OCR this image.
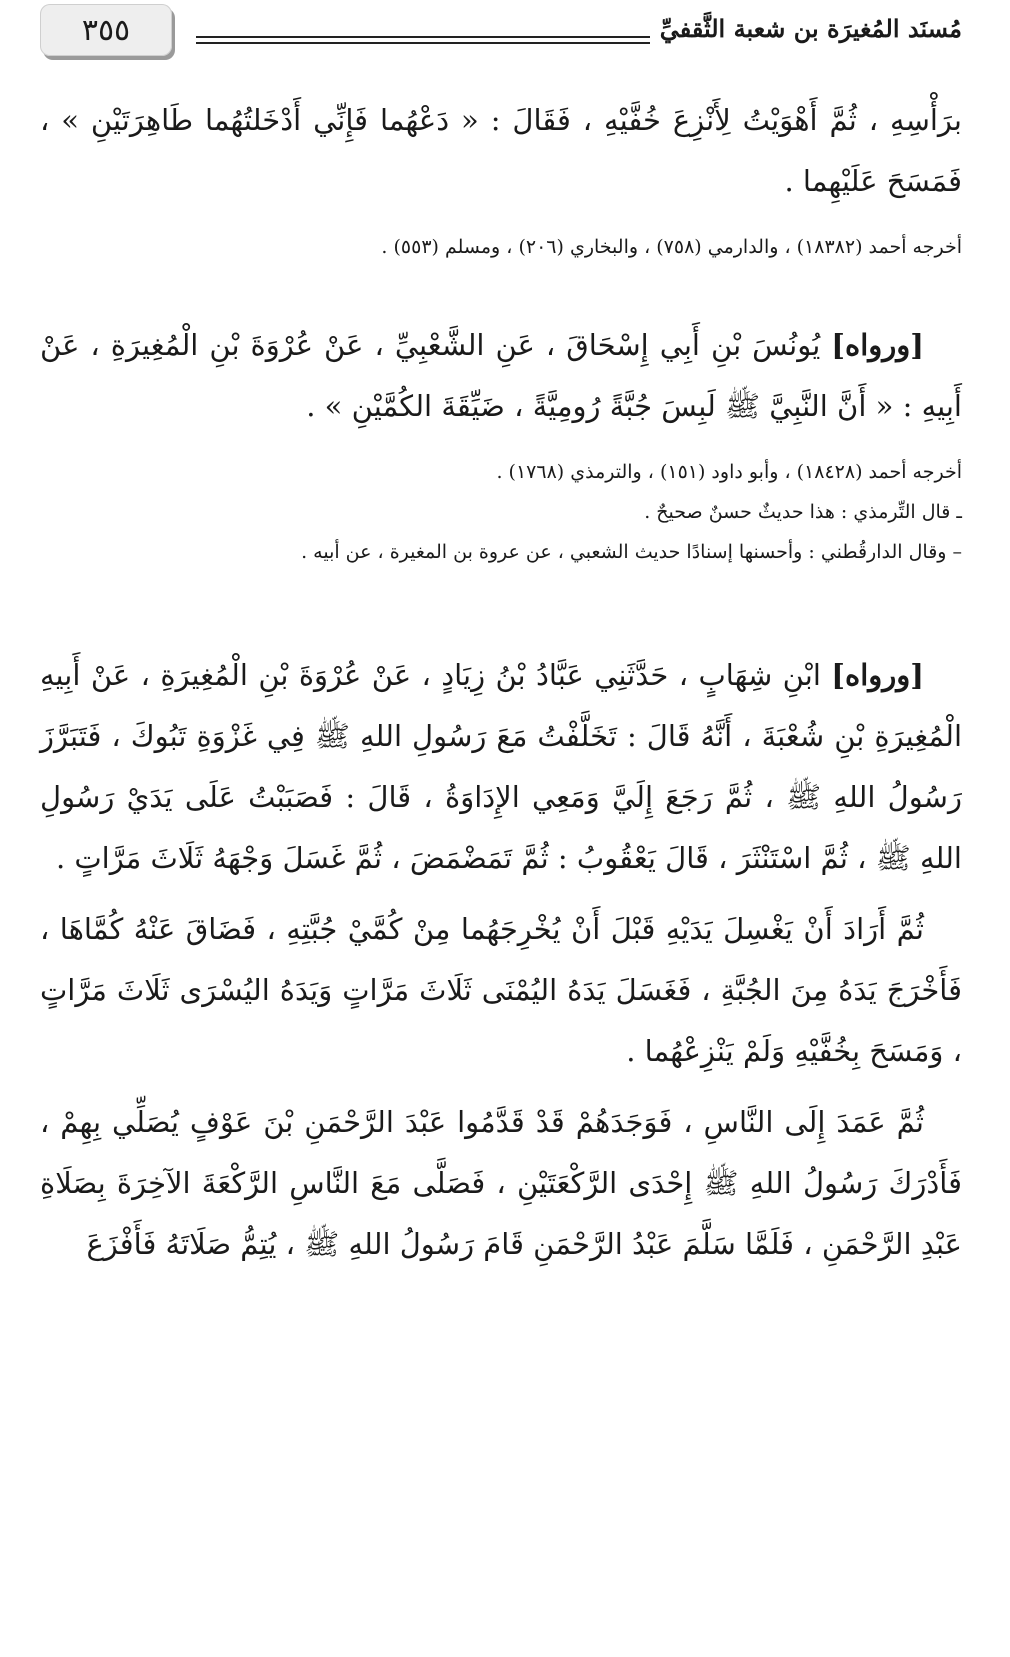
٣٥٥	مُسنَد المُغيرَة بن شعبة الثَّقفيِّ

برَأْسِهِ ، ثُمَّ أَهْوَيْتُ لِأَنْزِعَ خُفَّيْهِ ، فَقَالَ : « دَعْهُما فَإِنِّي أَدْخَلتُهُما طَاهِرَتَيْنِ » ، فَمَسَحَ عَلَيْهِما .

أخرجه أحمد (١٨٣٨٢) ، والدارمي (٧٥٨) ، والبخاري (٢٠٦) ، ومسلم (٥٥٣) .

[ورواه] يُونُسَ بْنِ أَبِي إِسْحَاقَ ، عَنِ الشَّعْبِيِّ ، عَنْ عُرْوَةَ بْنِ الْمُغِيرَةِ ، عَنْ أَبِيهِ : « أَنَّ النَّبِيَّ ﷺ لَبِسَ جُبَّةً رُومِيَّةً ، ضَيِّقَةَ الكُمَّيْنِ » .

أخرجه أحمد (١٨٤٢٨) ، وأبو داود (١٥١) ، والترمذي (١٧٦٨) .

ـ قال التِّرمذي : هذا حديثٌ حسنٌ صحيحٌ .

– وقال الدارقُطني : وأحسنها إسنادًا حديث الشعبي ، عن عروة بن المغيرة ، عن أبيه .

[ورواه] ابْنِ شِهَابٍ ، حَدَّثَنِي عَبَّادُ بْنُ زِيَادٍ ، عَنْ عُرْوَةَ بْنِ الْمُغِيرَةِ ، عَنْ أَبِيهِ الْمُغِيرَةِ بْنِ شُعْبَةَ ، أَنَّهُ قَالَ : تَخَلَّفْتُ مَعَ رَسُولِ اللهِ ﷺ فِي غَزْوَةِ تَبُوكَ ، فَتَبَرَّزَ رَسُولُ اللهِ ﷺ ، ثُمَّ رَجَعَ إِلَيَّ وَمَعِي الإِدَاوَةُ ، قَالَ : فَصَبَبْتُ عَلَى يَدَيْ رَسُولِ اللهِ ﷺ ، ثُمَّ اسْتَنْثَرَ ، قَالَ يَعْقُوبُ : ثُمَّ تَمَضْمَضَ ، ثُمَّ غَسَلَ وَجْهَهُ ثَلَاثَ مَرَّاتٍ .

ثُمَّ أَرَادَ أَنْ يَغْسِلَ يَدَيْهِ قَبْلَ أَنْ يُخْرِجَهُما مِنْ كُمَّيْ جُبَّتِهِ ، فَضَاقَ عَنْهُ كُمَّاهَا ، فَأَخْرَجَ يَدَهُ مِنَ الجُبَّةِ ، فَغَسَلَ يَدَهُ اليُمْنَى ثَلَاثَ مَرَّاتٍ وَيَدَهُ اليُسْرَى ثَلَاثَ مَرَّاتٍ ، وَمَسَحَ بِخُفَّيْهِ وَلَمْ يَنْزِعْهُما .

ثُمَّ عَمَدَ إِلَى النَّاسِ ، فَوَجَدَهُمْ قَدْ قَدَّمُوا عَبْدَ الرَّحْمَنِ بْنَ عَوْفٍ يُصَلِّي بِهِمْ ، فَأَدْرَكَ رَسُولُ اللهِ ﷺ إِحْدَى الرَّكْعَتَيْنِ ، فَصَلَّى مَعَ النَّاسِ الرَّكْعَةَ الآخِرَةَ بِصَلَاةِ عَبْدِ الرَّحْمَنِ ، فَلَمَّا سَلَّمَ عَبْدُ الرَّحْمَنِ قَامَ رَسُولُ اللهِ ﷺ ، يُتِمُّ صَلَاتَهُ فَأَفْزَعَ
